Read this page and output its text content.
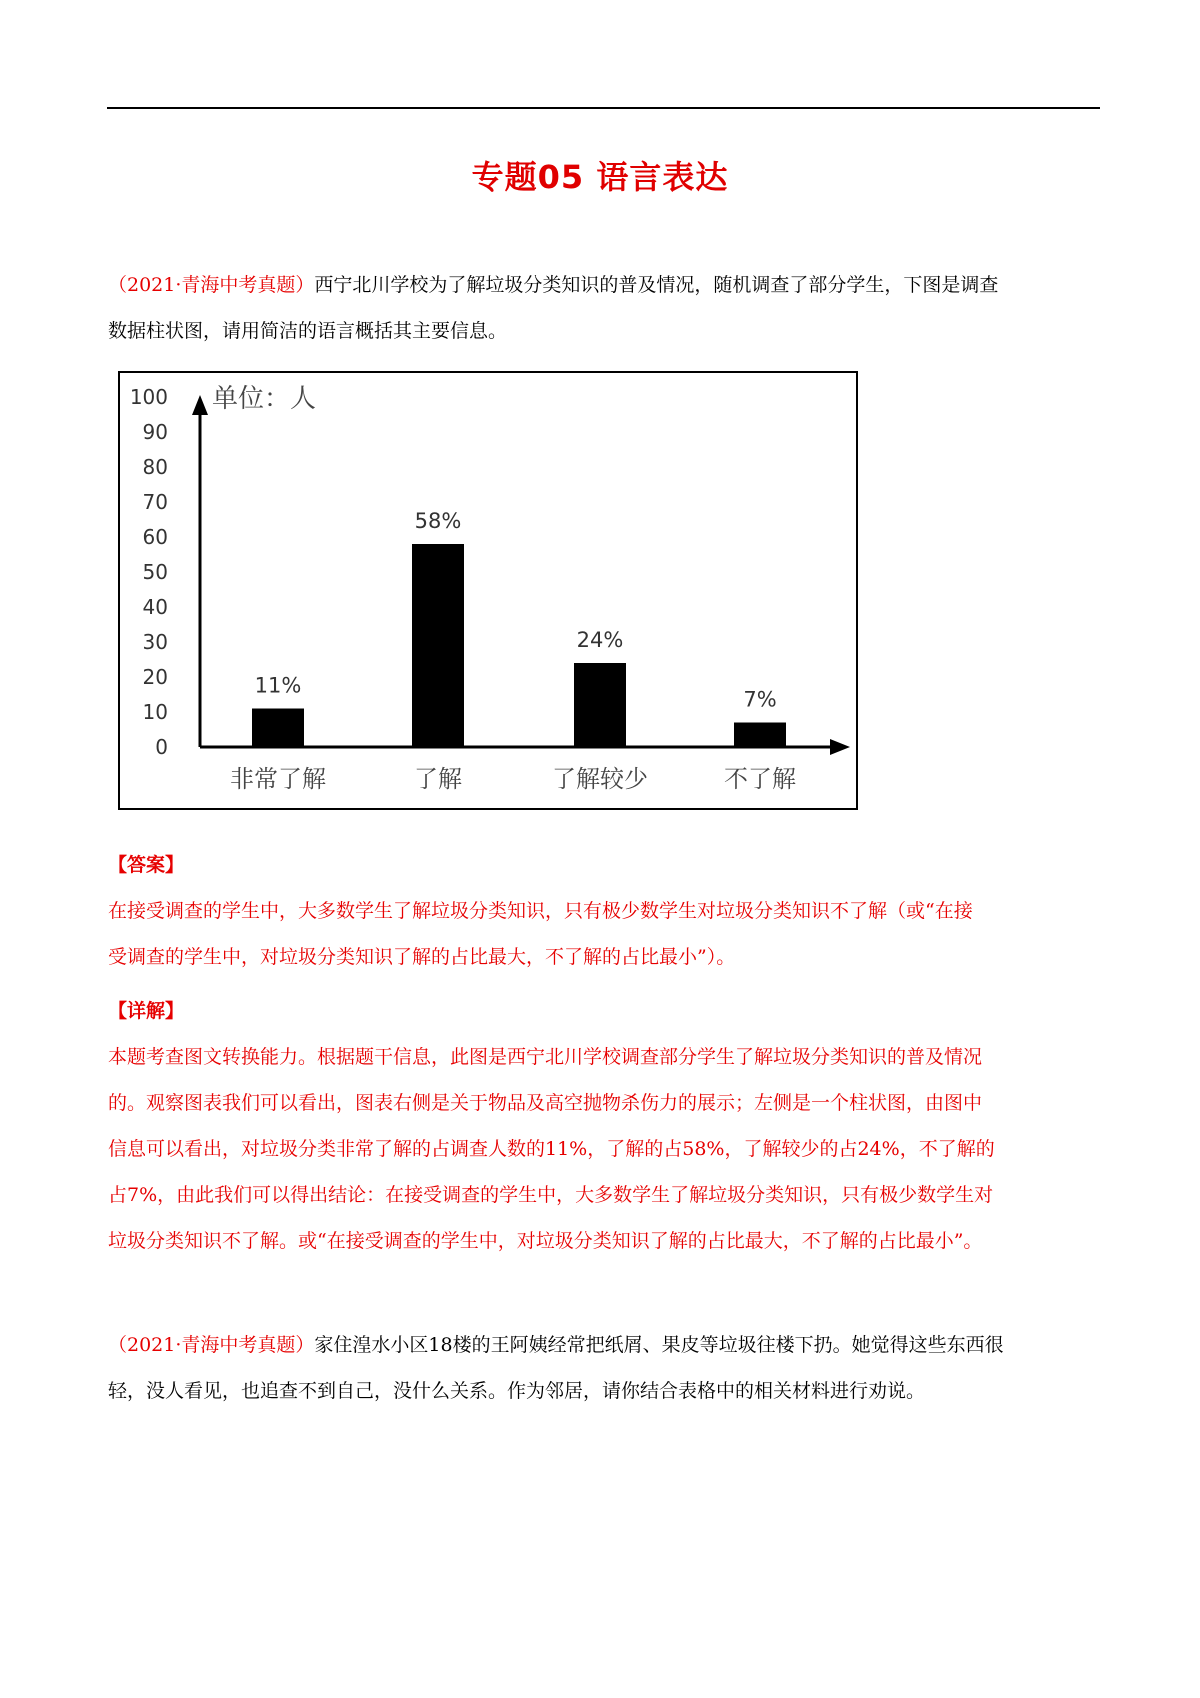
专题05 语言表达
（2021·青海中考真题）西宁北川学校为了解垃圾分类知识的普及情况，随机调查了部分学生，下图是调查
数据柱状图，请用简洁的语言概括其主要信息。
0
10
20
30
40
50
60
70
80
90
100 单位：人
11%
非常了解
58%
了解
24%
了解较少
7%
不了解
【答案】
在接受调查的学生中，大多数学生了解垃圾分类知识，只有极少数学生对垃圾分类知识不了解（或“在接
受调查的学生中，对垃圾分类知识了解的占比最大，不了解的占比最小”）。
【详解】
本题考查图文转换能力。根据题干信息，此图是西宁北川学校调查部分学生了解垃圾分类知识的普及情况
的。观察图表我们可以看出，图表右侧是关于物品及高空抛物杀伤力的展示；左侧是一个柱状图，由图中
信息可以看出，对垃圾分类非常了解的占调查人数的11%，了解的占58%，了解较少的占24%，不了解的
占7%，由此我们可以得出结论：在接受调查的学生中，大多数学生了解垃圾分类知识，只有极少数学生对
垃圾分类知识不了解。或“在接受调查的学生中，对垃圾分类知识了解的占比最大，不了解的占比最小”。
（2021·青海中考真题）家住湟水小区18楼的王阿姨经常把纸屑、果皮等垃圾往楼下扔。她觉得这些东西很
轻，没人看见，也追查不到自己，没什么关系。作为邻居，请你结合表格中的相关材料进行劝说。
